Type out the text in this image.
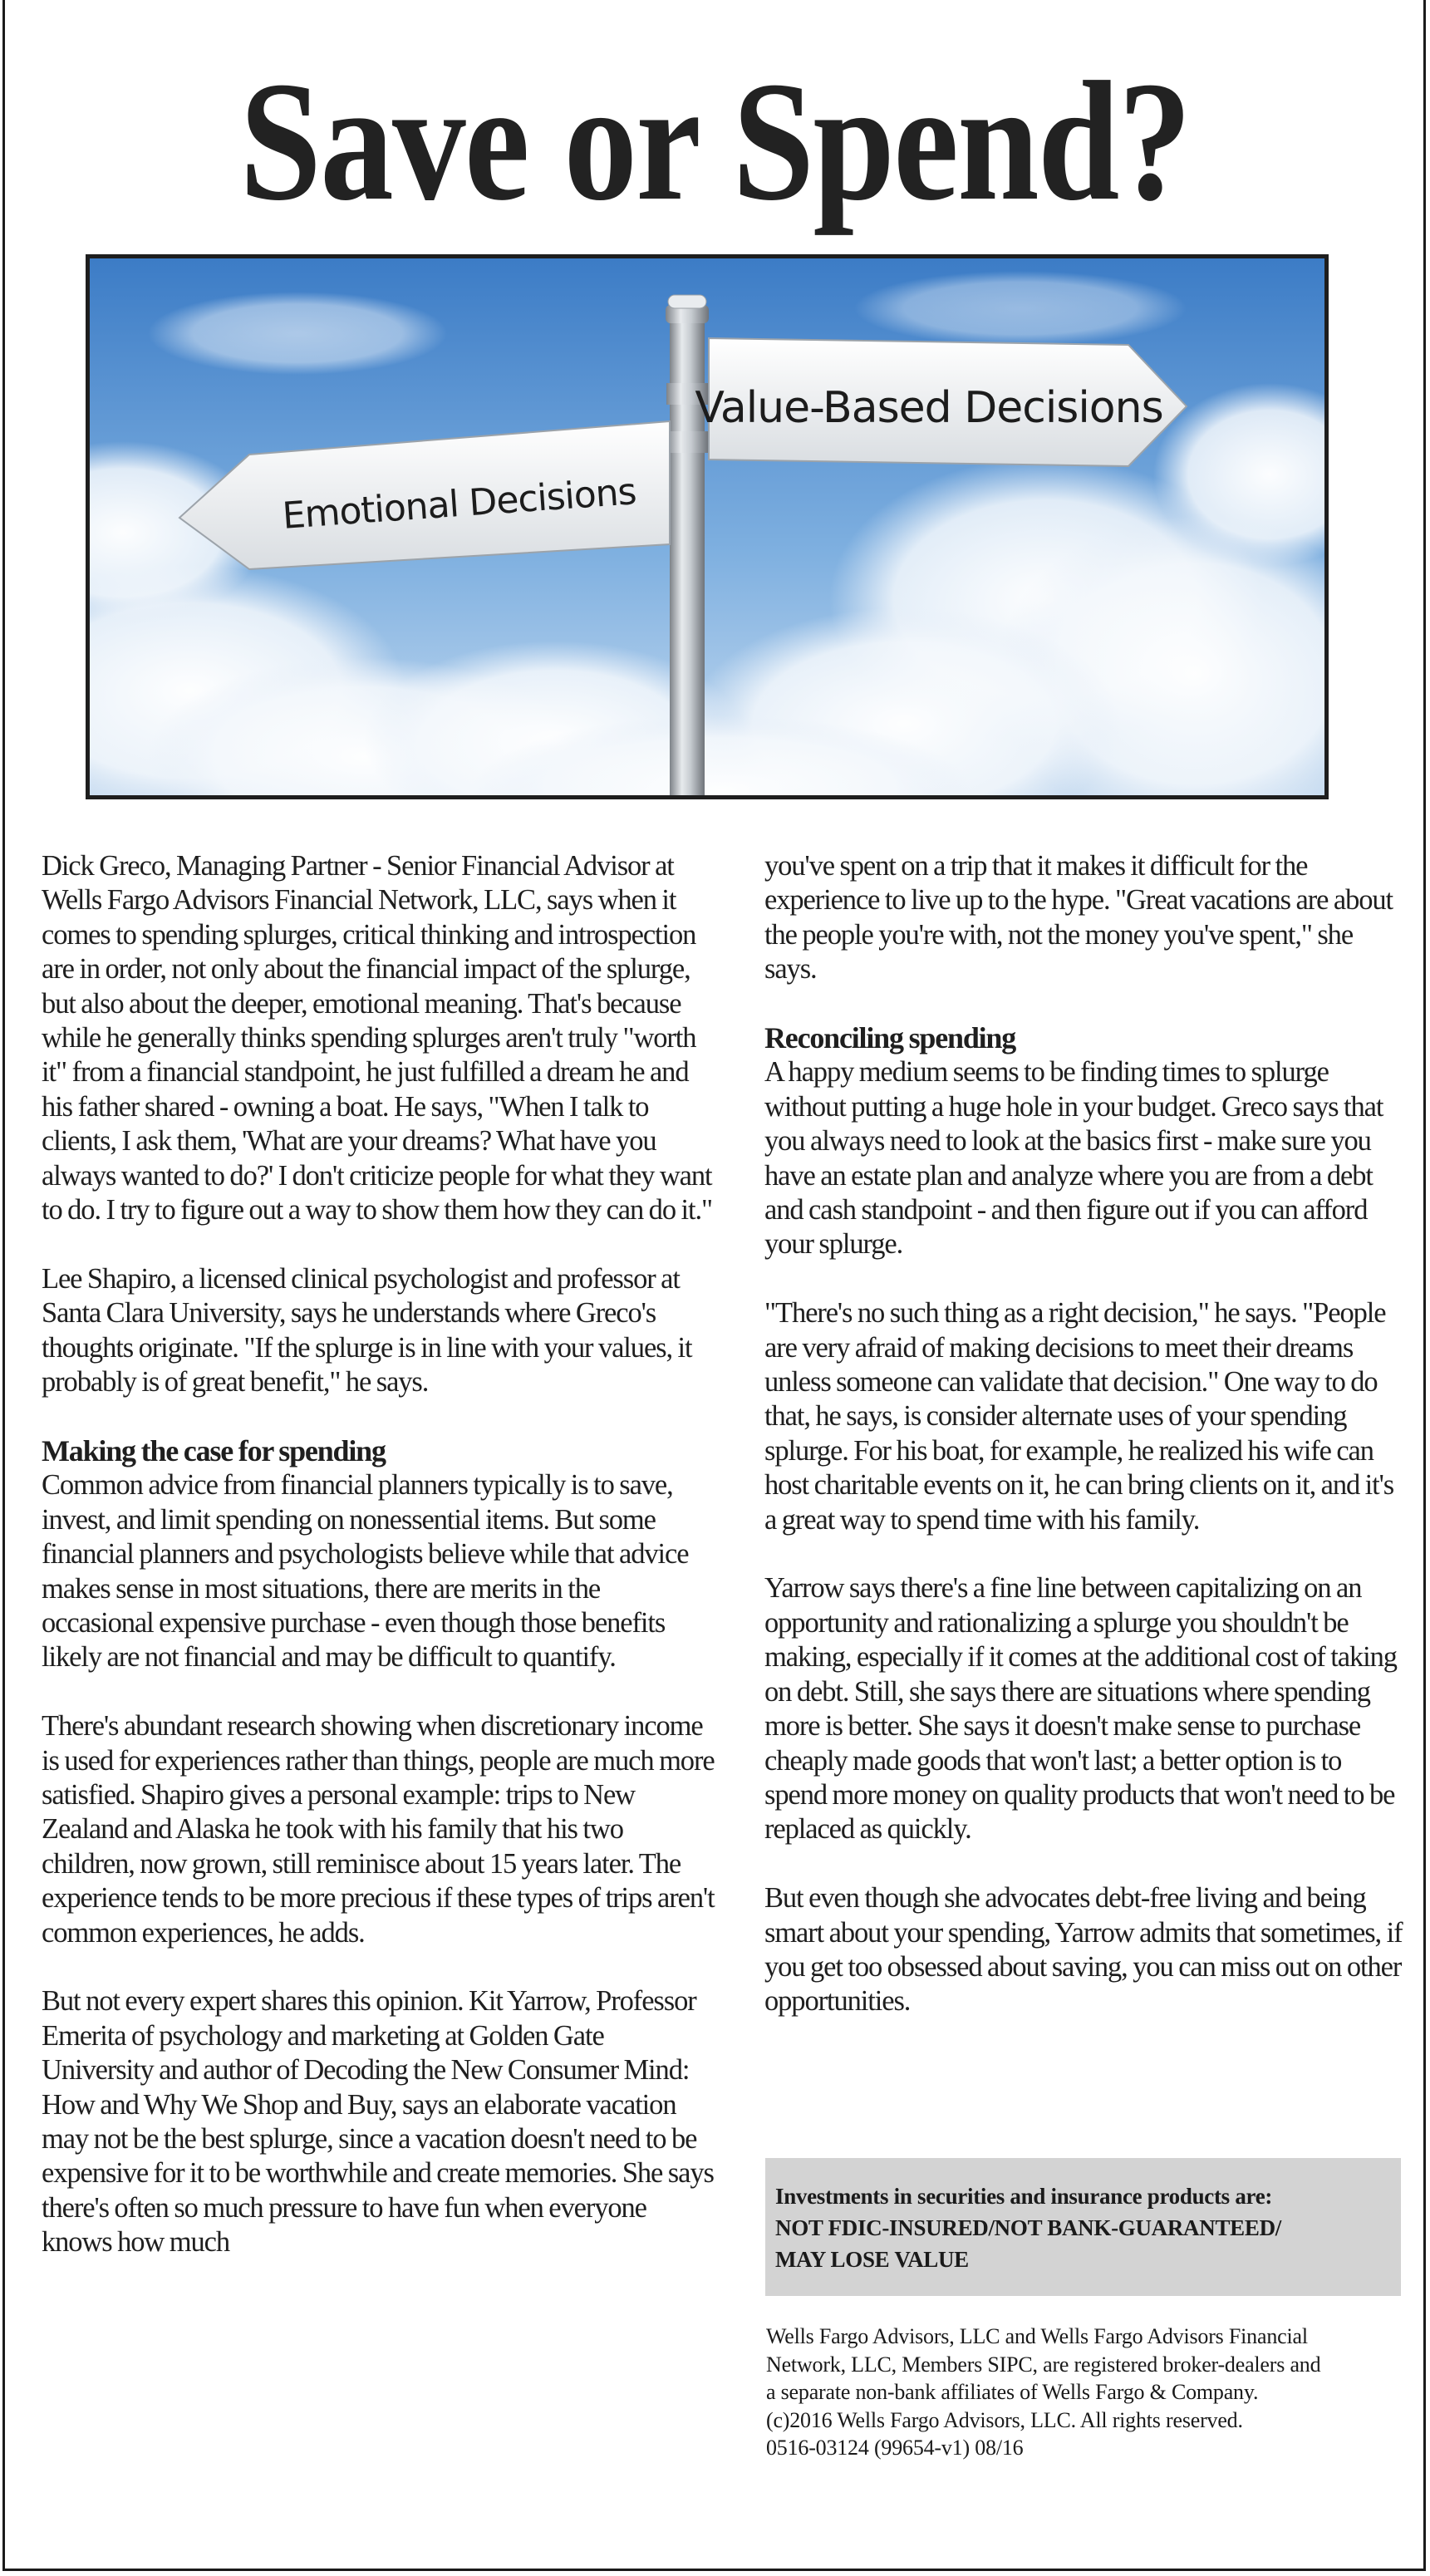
Save or Spend?
Value-Based Decisions
Emotional Decisions

Dick Greco, Managing Partner - Senior Financial Advisor at Wells Fargo Advisors Financial Network, LLC, says when it comes to spending splurges, critical thinking and introspection are in order, not only about the financial impact of the splurge, but also about the deeper, emotional meaning. That's because while he generally thinks spending splurges aren't truly "worth it" from a financial standpoint, he just fulfilled a dream he and his father shared - owning a boat. He says, "When I talk to clients, I ask them, 'What are your dreams? What have you always wanted to do?' I don't criticize people for what they want to do. I try to figure out a way to show them how they can do it."

Lee Shapiro, a licensed clinical psychologist and professor at Santa Clara University, says he understands where Greco's thoughts originate. "If the splurge is in line with your values, it probably is of great benefit," he says.

Making the case for spending

Common advice from financial planners typically is to save, invest, and limit spending on nonessential items. But some financial planners and psychologists believe while that advice makes sense in most situations, there are merits in the occasional expensive purchase - even though those benefits likely are not financial and may be difficult to quantify.

There's abundant research showing when discretionary income is used for experiences rather than things, people are much more satisfied. Shapiro gives a personal example: trips to New Zealand and Alaska he took with his family that his two children, now grown, still reminisce about 15 years later. The experience tends to be more precious if these types of trips aren't common experiences, he adds.

But not every expert shares this opinion. Kit Yarrow, Professor Emerita of psychology and marketing at Golden Gate University and author of Decoding the New Consumer Mind: How and Why We Shop and Buy, says an elaborate vacation may not be the best splurge, since a vacation doesn't need to be expensive for it to be worthwhile and create memories. She says there's often so much pressure to have fun when everyone knows how much

you've spent on a trip that it makes it difficult for the experience to live up to the hype. "Great vacations are about the people you're with, not the money you've spent," she says.

Reconciling spending

A happy medium seems to be finding times to splurge without putting a huge hole in your budget. Greco says that you always need to look at the basics first - make sure you have an estate plan and analyze where you are from a debt and cash standpoint - and then figure out if you can afford your splurge.

"There's no such thing as a right decision," he says. "People are very afraid of making decisions to meet their dreams unless someone can validate that decision." One way to do that, he says, is consider alternate uses of your spending splurge. For his boat, for example, he realized his wife can host charitable events on it, he can bring clients on it, and it's a great way to spend time with his family.

Yarrow says there's a fine line between capitalizing on an opportunity and rationalizing a splurge you shouldn't be making, especially if it comes at the additional cost of taking on debt. Still, she says there are situations where spending more is better. She says it doesn't make sense to purchase cheaply made goods that won't last; a better option is to spend more money on quality products that won't need to be replaced as quickly.

But even though she advocates debt-free living and being smart about your spending, Yarrow admits that sometimes, if you get too obsessed about saving, you can miss out on other opportunities.

Investments in securities and insurance products are:
NOT FDIC-INSURED/NOT BANK-GUARANTEED/
MAY LOSE VALUE
Wells Fargo Advisors, LLC and Wells Fargo Advisors Financial
Network, LLC, Members SIPC, are registered broker-dealers and
a separate non-bank affiliates of Wells Fargo & Company.
(c)2016 Wells Fargo Advisors, LLC. All rights reserved.
0516-03124 (99654-v1) 08/16
